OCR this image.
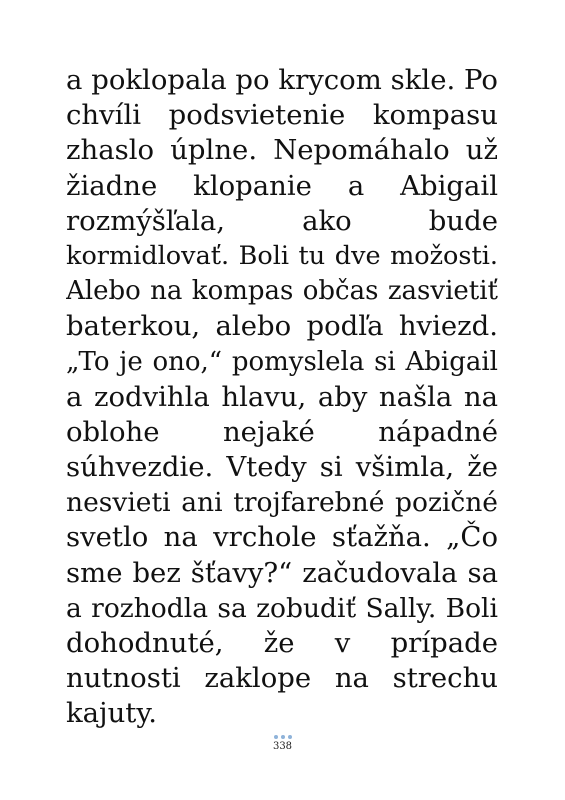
a poklopala po krycom skle. Po
chvíli podsvietenie kompasu
zhaslo úplne. Nepomáhalo už
žiadne klopanie a Abigail
rozmýšľala, ako bude
kormidlovať. Boli tu dve možosti.
Alebo na kompas občas zasvietiť
baterkou, alebo podľa hviezd.
„To je ono,“ pomyslela si Abigail
a zodvihla hlavu, aby našla na
oblohe nejaké nápadné
súhvezdie. Vtedy si všimla, že
nesvieti ani trojfarebné pozičné
svetlo na vrchole sťažňa. „Čo
sme bez šťavy?“ začudovala sa
a rozhodla sa zobudiť Sally. Boli
dohodnuté, že v prípade
nutnosti zaklope na strechu
kajuty.
338
